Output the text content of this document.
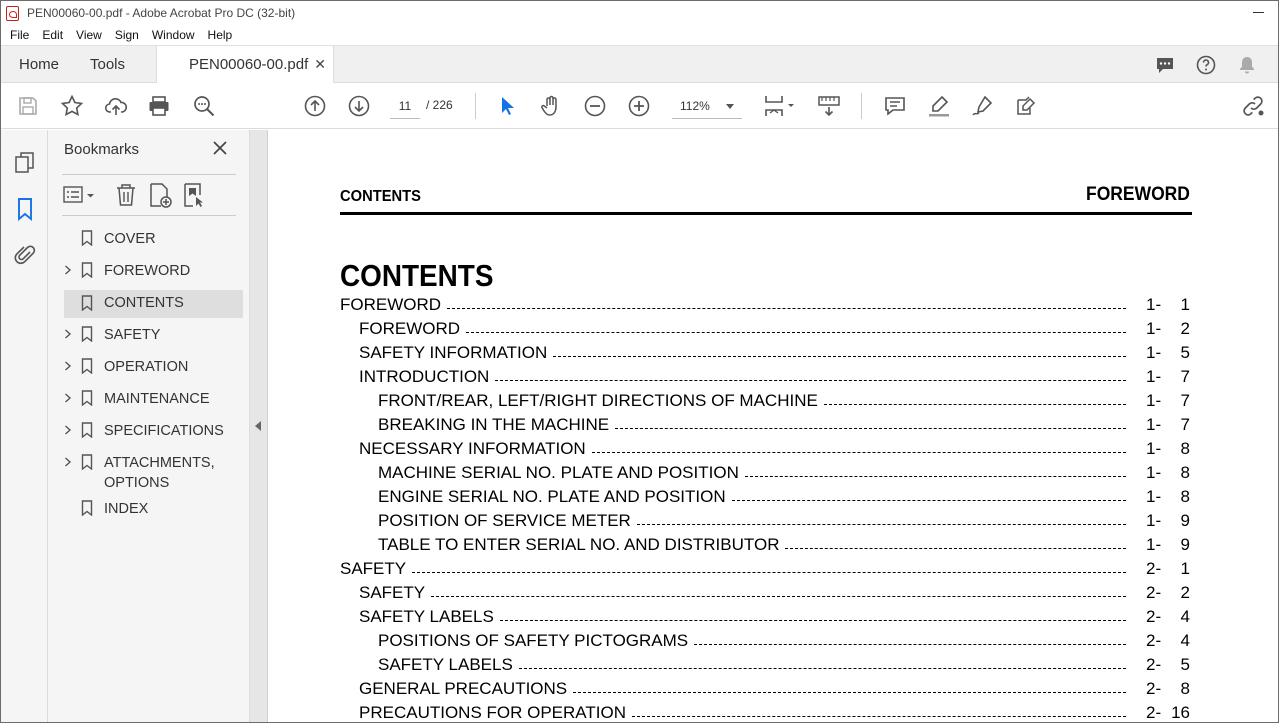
PEN00060-00.pdf - Adobe Acrobat Pro DC (32-bit)
File Edit View Sign Window Help
Home Tools	PEN00060-00.pdf ✕
11	/ 226	112%
Bookmarks
COVER
FOREWORD
CONTENTS
SAFETY
OPERATION
MAINTENANCE
SPECIFICATIONS
ATTACHMENTS,
OPTIONS
INDEX
CONTENTS	FOREWORD
CONTENTS
FOREWORD	1- 1
FOREWORD	1- 2
SAFETY INFORMATION	1- 5
INTRODUCTION	1- 7
FRONT/REAR, LEFT/RIGHT DIRECTIONS OF MACHINE	1- 7
BREAKING IN THE MACHINE	1- 7
NECESSARY INFORMATION	1- 8
MACHINE SERIAL NO. PLATE AND POSITION	1- 8
ENGINE SERIAL NO. PLATE AND POSITION	1- 8
POSITION OF SERVICE METER	1- 9
TABLE TO ENTER SERIAL NO. AND DISTRIBUTOR	1- 9
SAFETY	2- 1
SAFETY	2- 2
SAFETY LABELS	2- 4
POSITIONS OF SAFETY PICTOGRAMS	2- 4
SAFETY LABELS	2- 5
GENERAL PRECAUTIONS	2- 8
PRECAUTIONS FOR OPERATION	2- 16
